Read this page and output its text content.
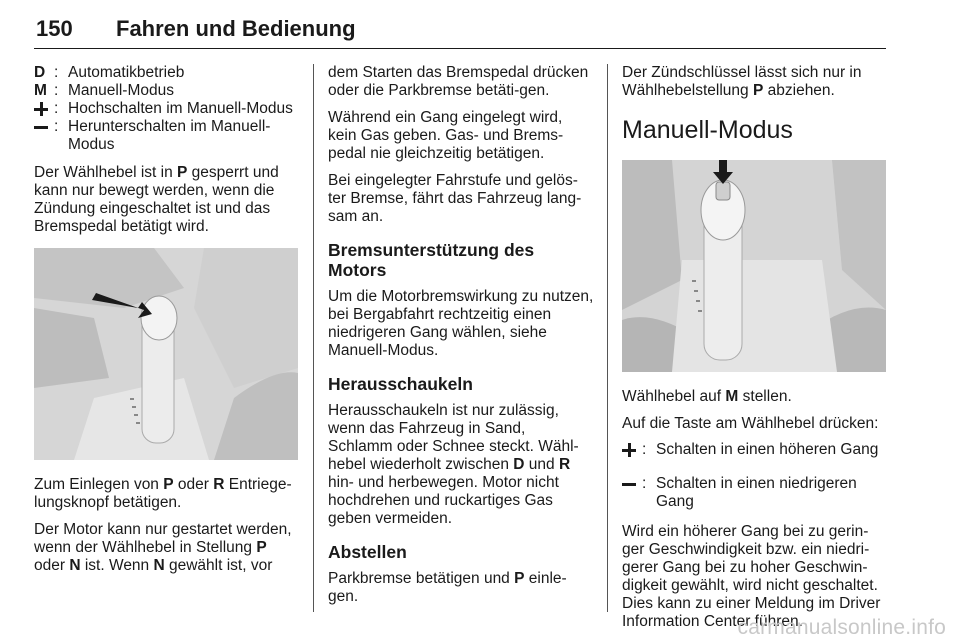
150 Fahren und Bedienung
D : Automatikbetrieb
M : Manuell-Modus
: Hochschalten im Manuell-Modus
: Herunterschalten im Manuell-Modus

Der Wählhebel ist in P gesperrt und kann nur bewegt werden, wenn die Zündung eingeschaltet ist und das Bremspedal betätigt wird.

Zum Einlegen von P oder R Entriege-lungsknopf betätigen.

Der Motor kann nur gestartet werden, wenn der Wählhebel in Stellung P oder N ist. Wenn N gewählt ist, vor

dem Starten das Bremspedal drücken oder die Parkbremse betäti-gen.

Während ein Gang eingelegt wird, kein Gas geben. Gas- und Brems-pedal nie gleichzeitig betätigen.

Bei eingelegter Fahrstufe und gelös-ter Bremse, fährt das Fahrzeug lang-sam an.

Bremsunterstützung des Motors

Um die Motorbremswirkung zu nutzen, bei Bergabfahrt rechtzeitig einen niedrigeren Gang wählen, siehe Manuell-Modus.

Herausschaukeln

Herausschaukeln ist nur zulässig, wenn das Fahrzeug in Sand, Schlamm oder Schnee steckt. Wähl-hebel wiederholt zwischen D und R hin- und herbewegen. Motor nicht hochdrehen und ruckartiges Gas geben vermeiden.

Abstellen

Parkbremse betätigen und P einle-gen.

Der Zündschlüssel lässt sich nur in Wählhebelstellung P abziehen.

Manuell-Modus

Wählhebel auf M stellen.

Auf die Taste am Wählhebel drücken:

: Schalten in einen höheren Gang
: Schalten in einen niedrigeren Gang

Wird ein höherer Gang bei zu gerin-ger Geschwindigkeit bzw. ein niedri-gerer Gang bei zu hoher Geschwin-digkeit gewählt, wird nicht geschaltet. Dies kann zu einer Meldung im Driver Information Center führen.

carmanualsonline.info
